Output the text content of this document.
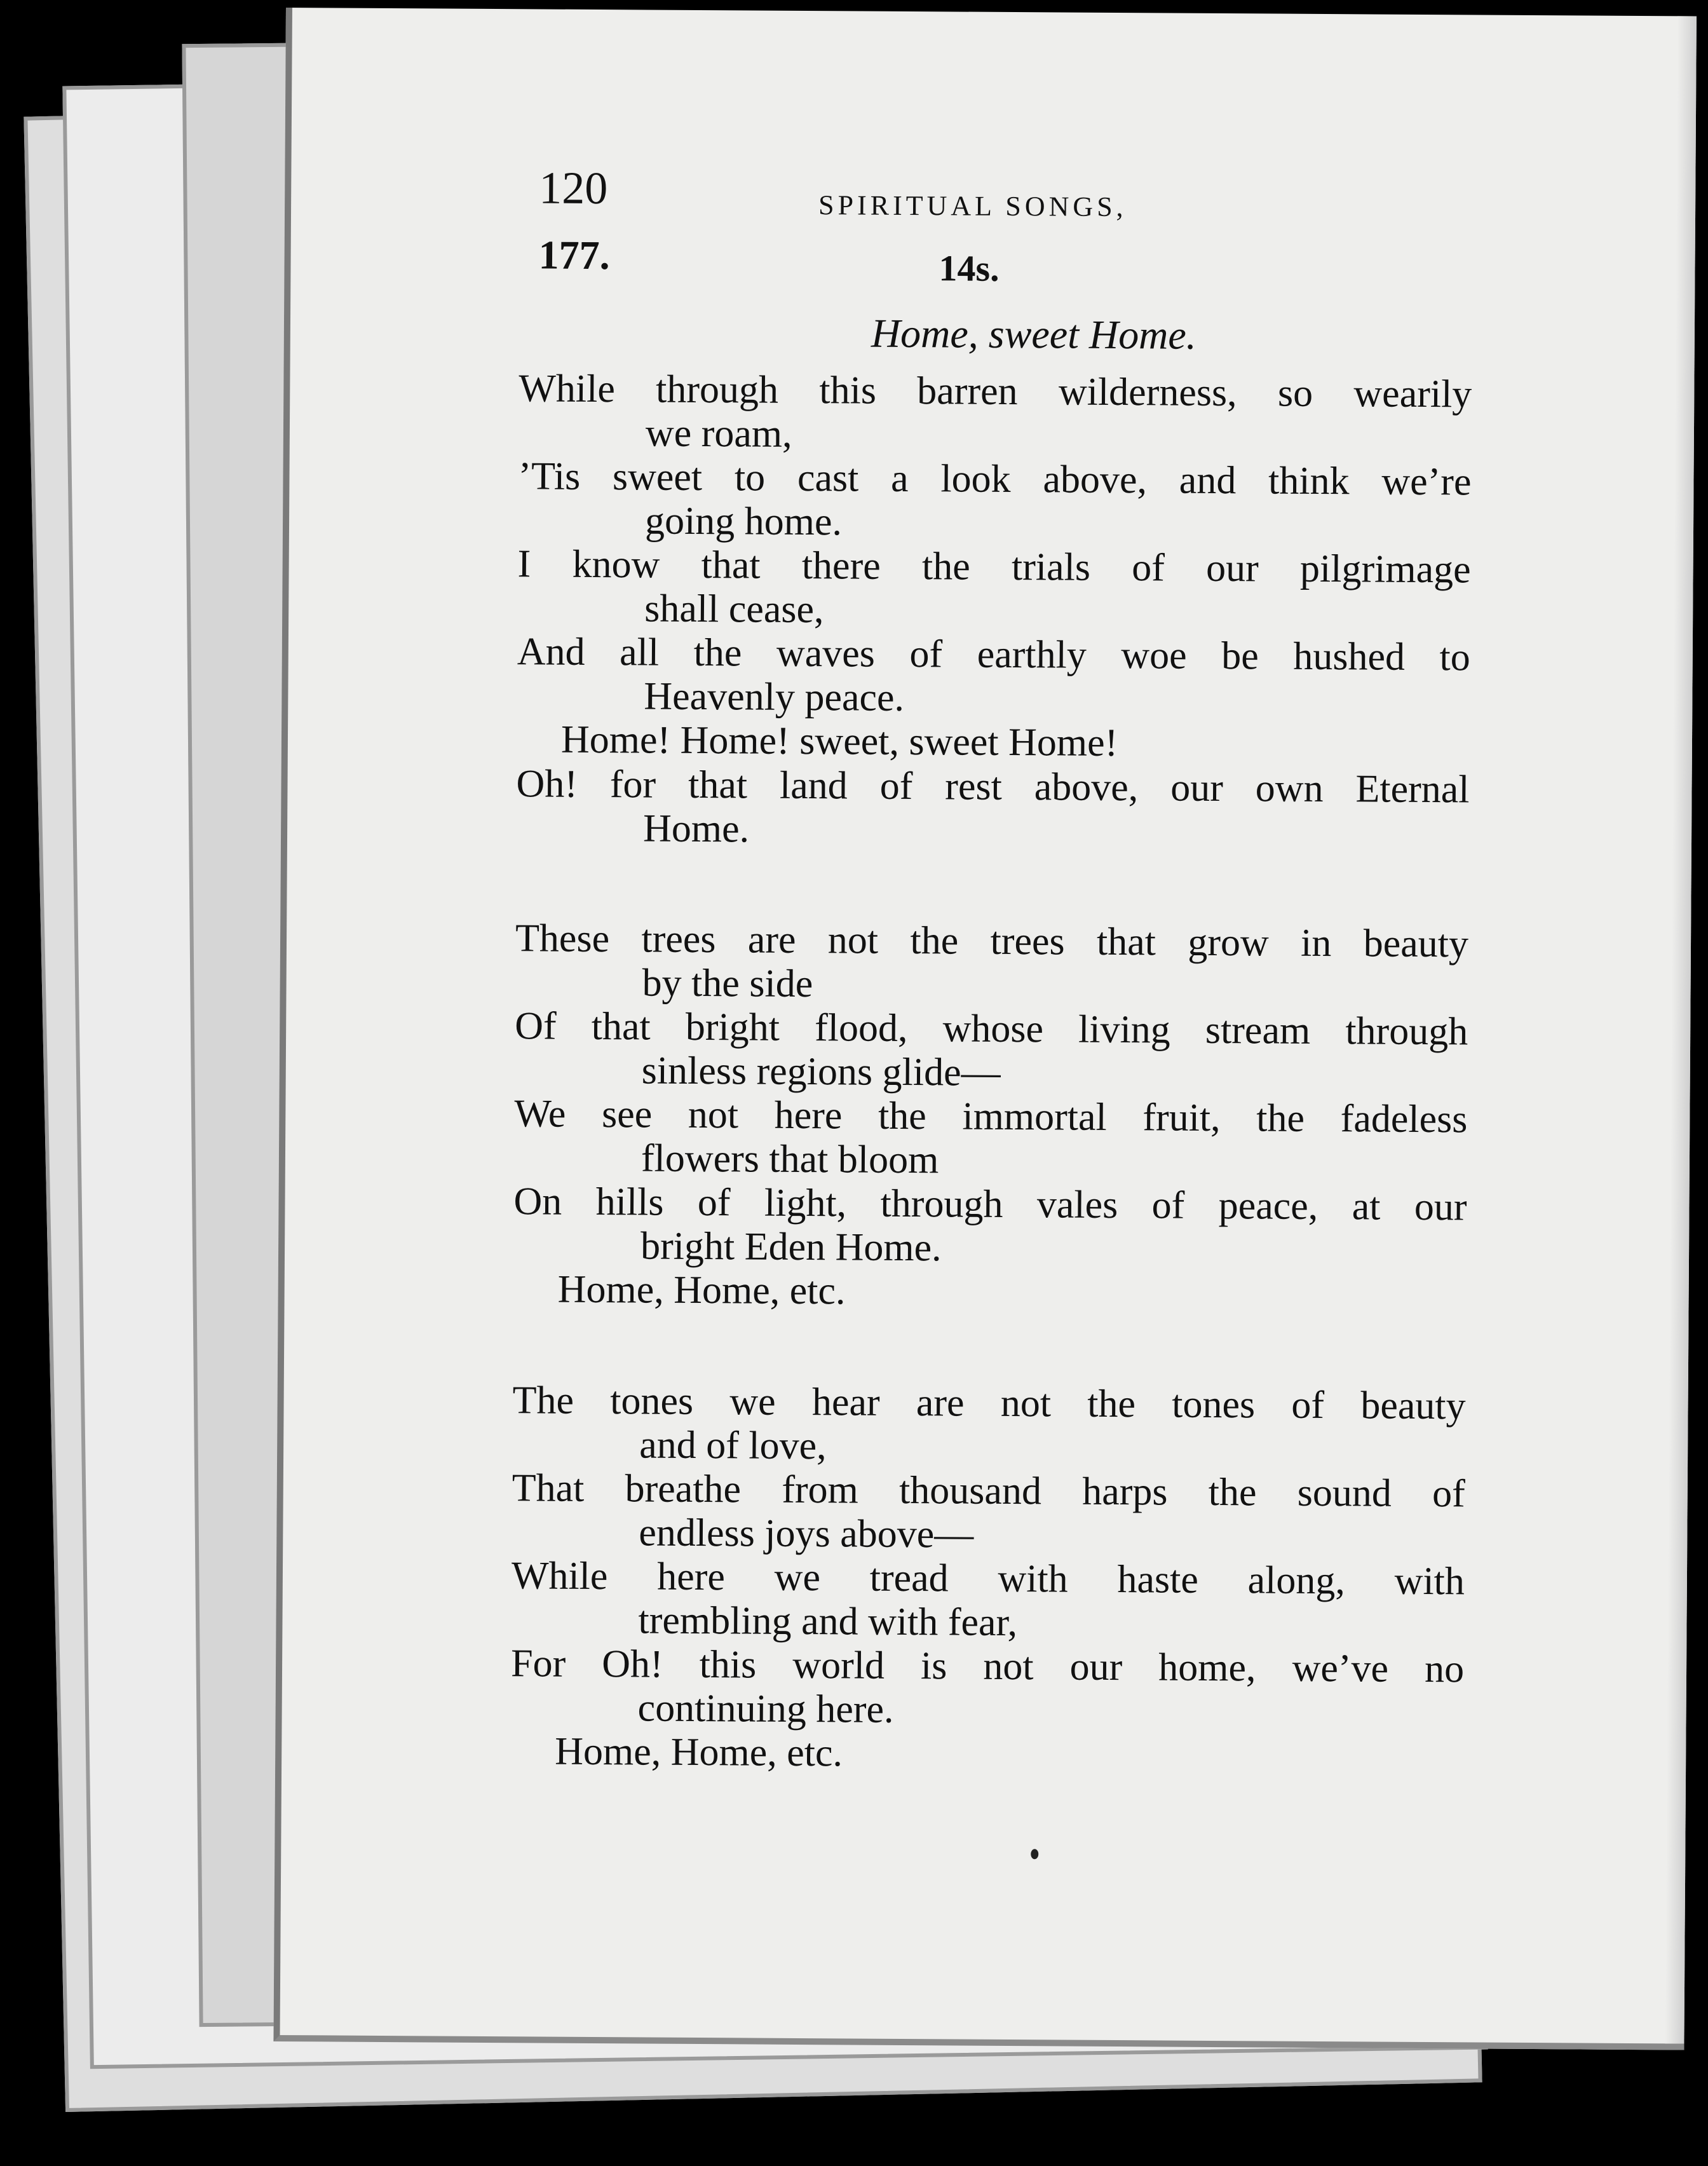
120	SPIRITUAL SONGS,
177.	14s.
Home, sweet Home.
While through this barren wilderness, so wearily
we roam,
’Tis sweet to cast a look above, and think we’re
going home.
I know that there the trials of our pilgrimage
shall cease,
And all the waves of earthly woe be hushed to
Heavenly peace.
Home! Home! sweet, sweet Home!
Oh! for that land of rest above, our own Eternal
Home.
These trees are not the trees that grow in beauty
by the side
Of that bright flood, whose living stream through
sinless regions glide—
We see not here the immortal fruit, the fadeless
flowers that bloom
On hills of light, through vales of peace, at our
bright Eden Home.
Home, Home, etc.
The tones we hear are not the tones of beauty
and of love,
That breathe from thousand harps the sound of
endless joys above—
While here we tread with haste along, with
trembling and with fear,
For Oh! this world is not our home, we’ve no
continuing here.
Home, Home, etc.
